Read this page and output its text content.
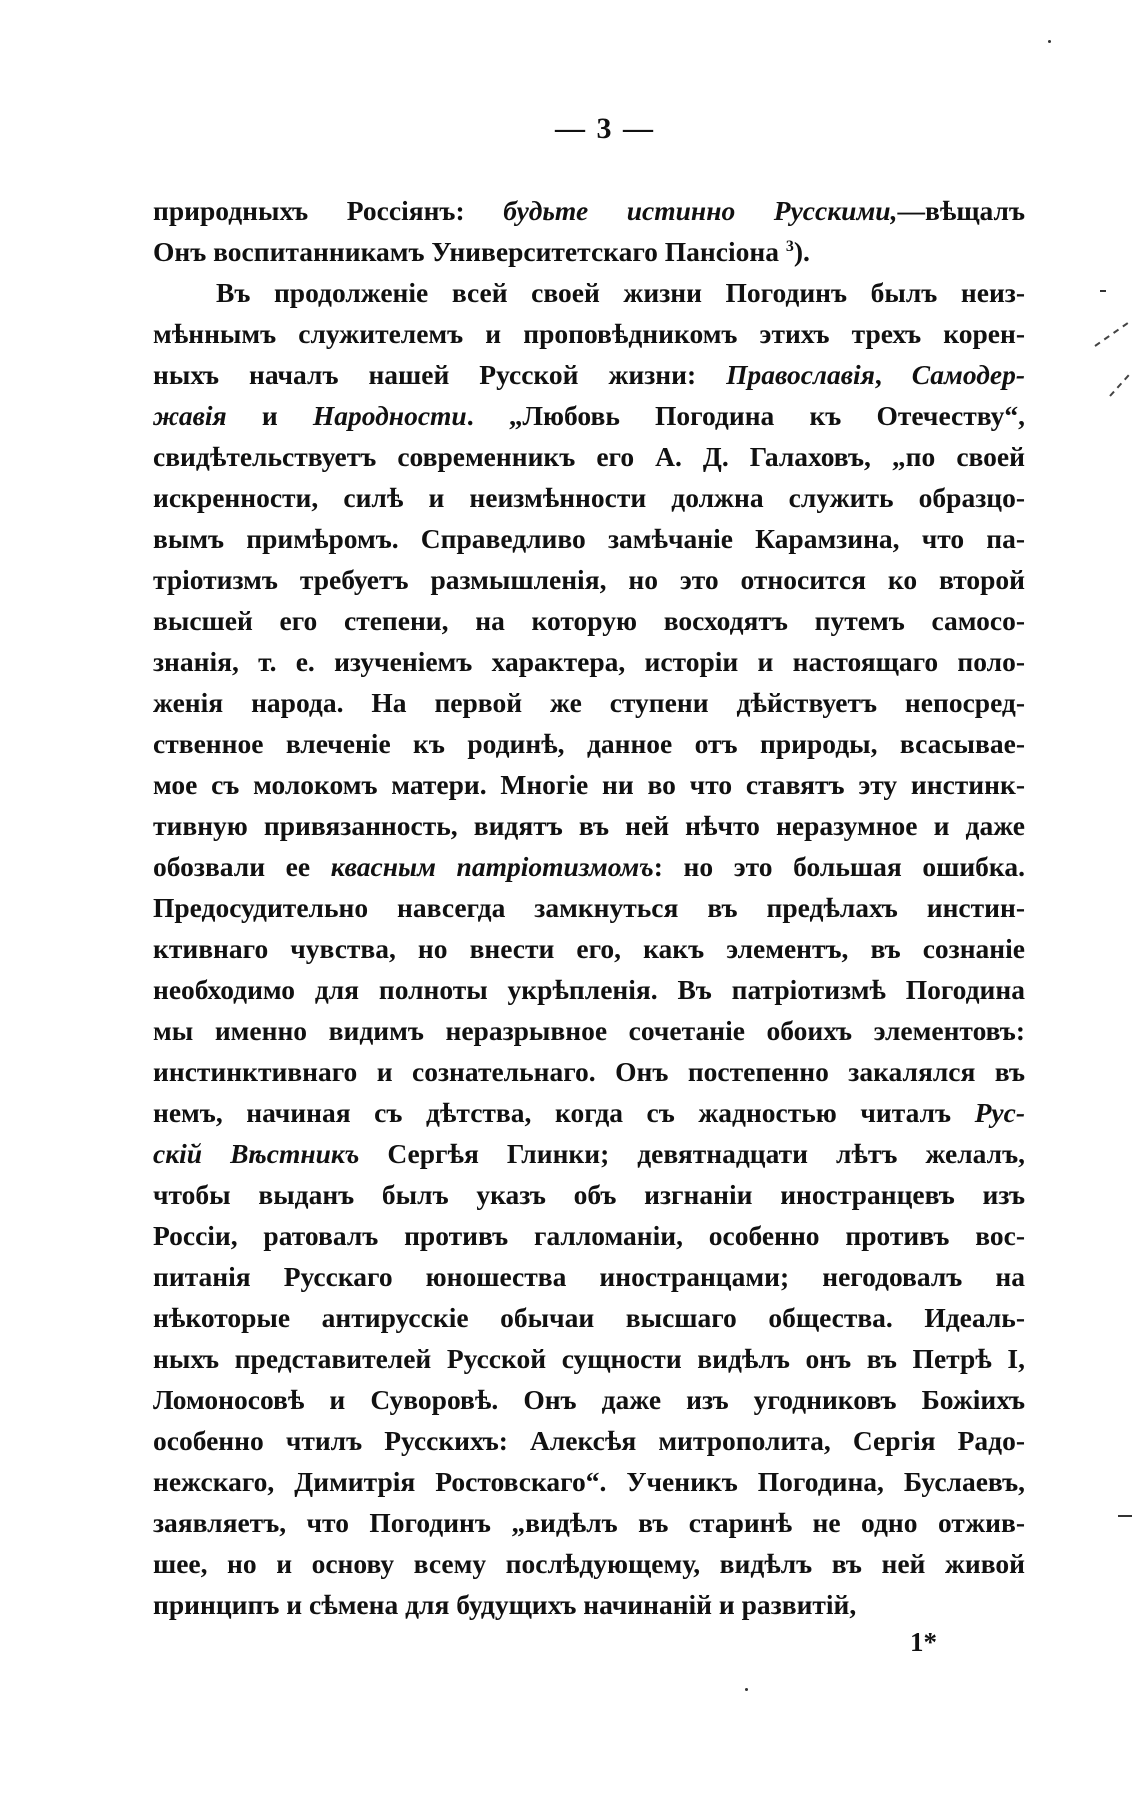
— 3 —
природныхъ Россіянъ: будьте истинно Русскими,—вѣщалъ
Онъ воспитанникамъ Университетскаго Пансіона $^3$).
Въ продолженіе всей своей жизни Погодинъ былъ неиз-
мѣннымъ служителемъ и проповѣдникомъ этихъ трехъ корен-
ныхъ началъ нашей Русской жизни: Православія, Самодер-
жавія и Народности. „Любовь Погодина къ Отечеству“,
свидѣтельствуетъ современникъ его А. Д. Галаховъ, „по своей
искренности, силѣ и неизмѣнности должна служить образцо-
вымъ примѣромъ. Справедливо замѣчаніе Карамзина, что па-
тріотизмъ требуетъ размышленія, но это относится ко второй
высшей его степени, на которую восходятъ путемъ самосо-
знанія, т. е. изученіемъ характера, исторіи и настоящаго поло-
женія народа. На первой же ступени дѣйствуетъ непосред-
ственное влеченіе къ родинѣ, данное отъ природы, всасывае-
мое съ молокомъ матери. Многіе ни во что ставятъ эту инстинк-
тивную привязанность, видятъ въ ней нѣчто неразумное и даже
обозвали ее квасным патріотизмомъ: но это большая ошибка.
Предосудительно навсегда замкнуться въ предѣлахъ инстин-
ктивнаго чувства, но внести его, какъ элементъ, въ сознаніе
необходимо для полноты укрѣпленія. Въ патріотизмѣ Погодина
мы именно видимъ неразрывное сочетаніе обоихъ элементовъ:
инстинктивнаго и сознательнаго. Онъ постепенно закалялся въ
немъ, начиная съ дѣтства, когда съ жадностью читалъ Рус-
скій Вѣстникъ Сергѣя Глинки; девятнадцати лѣтъ желалъ,
чтобы выданъ былъ указъ объ изгнаніи иностранцевъ изъ
Россіи, ратовалъ противъ галломаніи, особенно противъ вос-
питанія Русскаго юношества иностранцами; негодовалъ на
нѣкоторые антирусскіе обычаи высшаго общества. Идеаль-
ныхъ представителей Русской сущности видѣлъ онъ въ Петрѣ I,
Ломоносовѣ и Суворовѣ. Онъ даже изъ угодниковъ Божіихъ
особенно чтилъ Русскихъ: Алексѣя митрополита, Сергія Радо-
нежскаго, Димитрія Ростовскаго“. Ученикъ Погодина, Буслаевъ,
заявляетъ, что Погодинъ „видѣлъ въ старинѣ не одно отжив-
шее, но и основу всему послѣдующему, видѣлъ въ ней живой
принципъ и сѣмена для будущихъ начинаній и развитій,
1*
